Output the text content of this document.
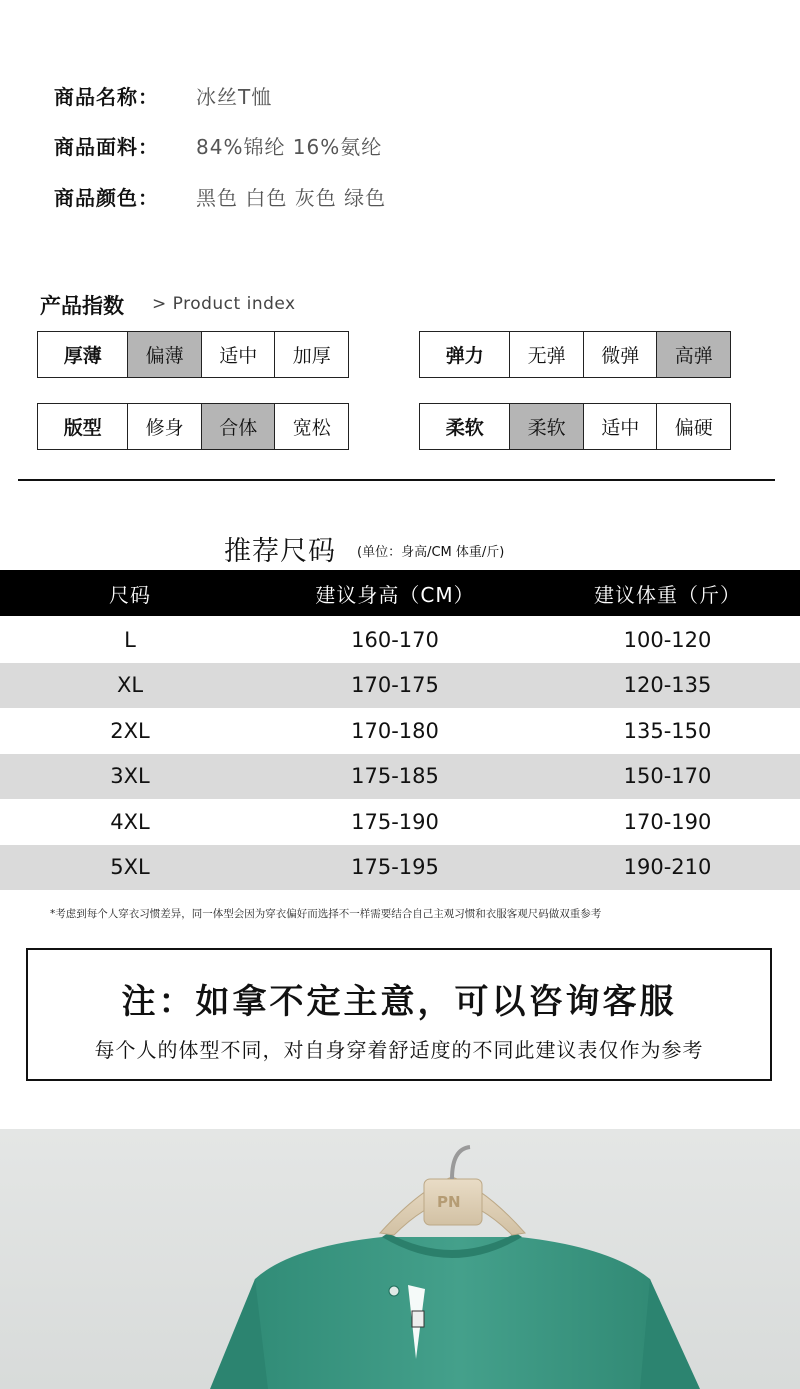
商品名称：	冰丝T恤
商品面料：	84%锦纶 16%氨纶
商品颜色：	黑色 白色 灰色 绿色
产品指数 > Product index
厚薄	偏薄	适中	加厚	弹力	无弹	微弹	高弹
版型	修身	合体	宽松	柔软	柔软	适中	偏硬
推荐尺码 (单位：身高/CM 体重/斤)
尺码	建议身高（CM）	建议体重（斤）
L	160-170	100-120
XL	170-175	120-135
2XL	170-180	135-150
3XL	175-185	150-170
4XL	175-190	170-190
5XL	175-195	190-210
*考虑到每个人穿衣习惯差异，同一体型会因为穿衣偏好而选择不一样需要结合自己主观习惯和衣服客观尺码做双重参考
注：如拿不定主意，可以咨询客服
每个人的体型不同，对自身穿着舒适度的不同此建议表仅作为参考
PN
